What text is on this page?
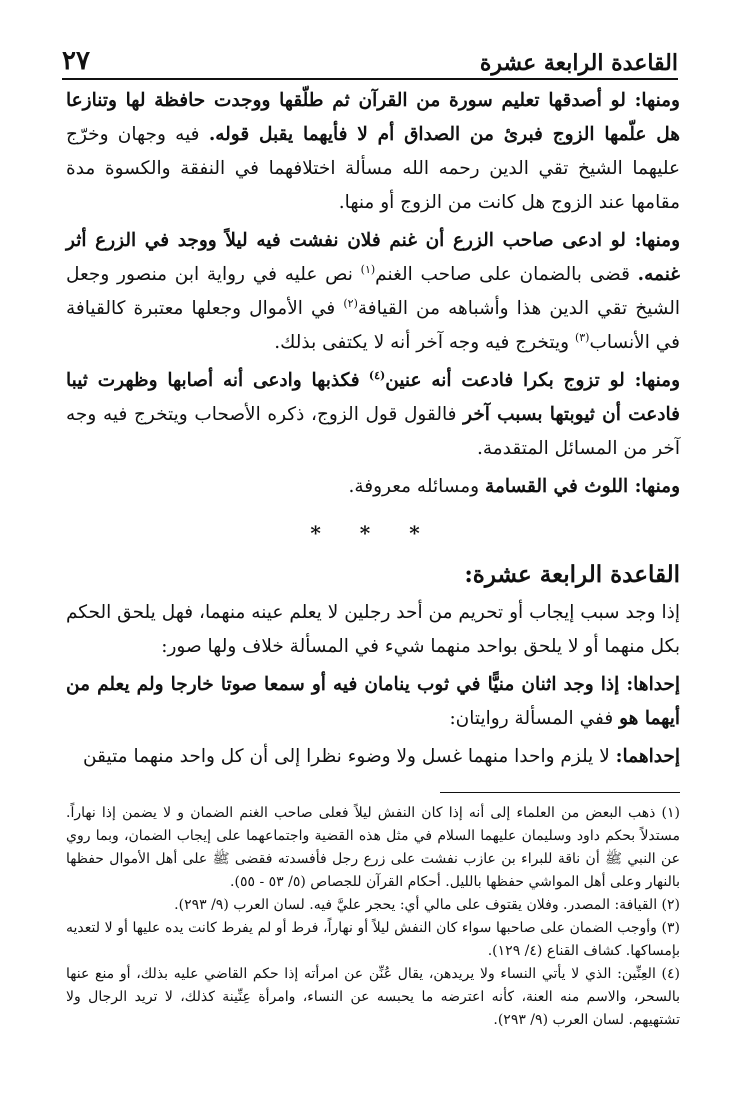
٢٧	القاعدة الرابعة عشرة

ومنها: لو أصدقها تعليم سورة من القرآن ثم طلّقها ووجدت حافظة لها وتنازعا هل علّمها الزوج فبرئ من الصداق أم لا فأيهما يقبل قوله. فيه وجهان وخرّج عليهما الشيخ تقي الدين رحمه الله مسألة اختلافهما في النفقة والكسوة مدة مقامها عند الزوج هل كانت من الزوج أو منها.

ومنها: لو ادعى صاحب الزرع أن غنم فلان نفشت فيه ليلاً ووجد في الزرع أثر غنمه. قضى بالضمان على صاحب الغنم$^{(١)}$ نص عليه في رواية ابن منصور وجعل الشيخ تقي الدين هذا وأشباهه من القيافة$^{(٢)}$ في الأموال وجعلها معتبرة كالقيافة في الأنساب$^{(٣)}$ ويتخرج فيه وجه آخر أنه لا يكتفى بذلك.

ومنها: لو تزوج بكرا فادعت أنه عنين$^{(٤)}$ فكذبها وادعى أنه أصابها وظهرت ثيبا فادعت أن ثيوبتها بسبب آخر فالقول قول الزوج، ذكره الأصحاب ويتخرج فيه وجه آخر من المسائل المتقدمة.

ومنها: اللوث في القسامة ومسائله معروفة.

* * *
القاعدة الرابعة عشرة:

إذا وجد سبب إيجاب أو تحريم من أحد رجلين لا يعلم عينه منهما، فهل يلحق الحكم بكل منهما أو لا يلحق بواحد منهما شيء في المسألة خلاف ولها صور:

إحداها: إذا وجد اثنان منيًّا في ثوب ينامان فيه أو سمعا صوتا خارجا ولم يعلم من أيهما هو ففي المسألة روايتان:

إحداهما: لا يلزم واحدا منهما غسل ولا وضوء نظرا إلى أن كل واحد منهما متيقن

(١) ذهب البعض من العلماء إلى أنه إذا كان النفش ليلاً فعلى صاحب الغنم الضمان و لا يضمن إذا نهاراً. مستدلاً بحكم داود وسليمان عليهما السلام في مثل هذه القضية واجتماعهما على إيجاب الضمان، وبما روي عن النبي ﷺ أن ناقة للبراء بن عازب نفشت على زرع رجل فأفسدته فقضى ﷺ على أهل الأموال حفظها بالنهار وعلى أهل المواشي حفظها بالليل. أحكام القرآن للجصاص (٥/ ٥٣ - ٥٥).

(٢) القيافة: المصدر. وفلان يقتوف على مالي أي: يحجر عليَّ فيه. لسان العرب (٩/ ٢٩٣).

(٣) وأوجب الضمان على صاحبها سواء كان النفش ليلاً أو نهاراً، فرط أو لم يفرط كانت يده عليها أو لا لتعديه بإمساكها. كشاف القناع (٤/ ١٢٩).

(٤) العِنِّين: الذي لا يأتي النساء ولا يريدهن، يقال عُنِّن عن امرأته إذا حكم القاضي عليه بذلك، أو منع عنها بالسحر، والاسم منه العنة، كأنه اعترضه ما يحبسه عن النساء، وامرأة عِنِّينة كذلك، لا تريد الرجال ولا تشتهيهم. لسان العرب (٩/ ٢٩٣).
